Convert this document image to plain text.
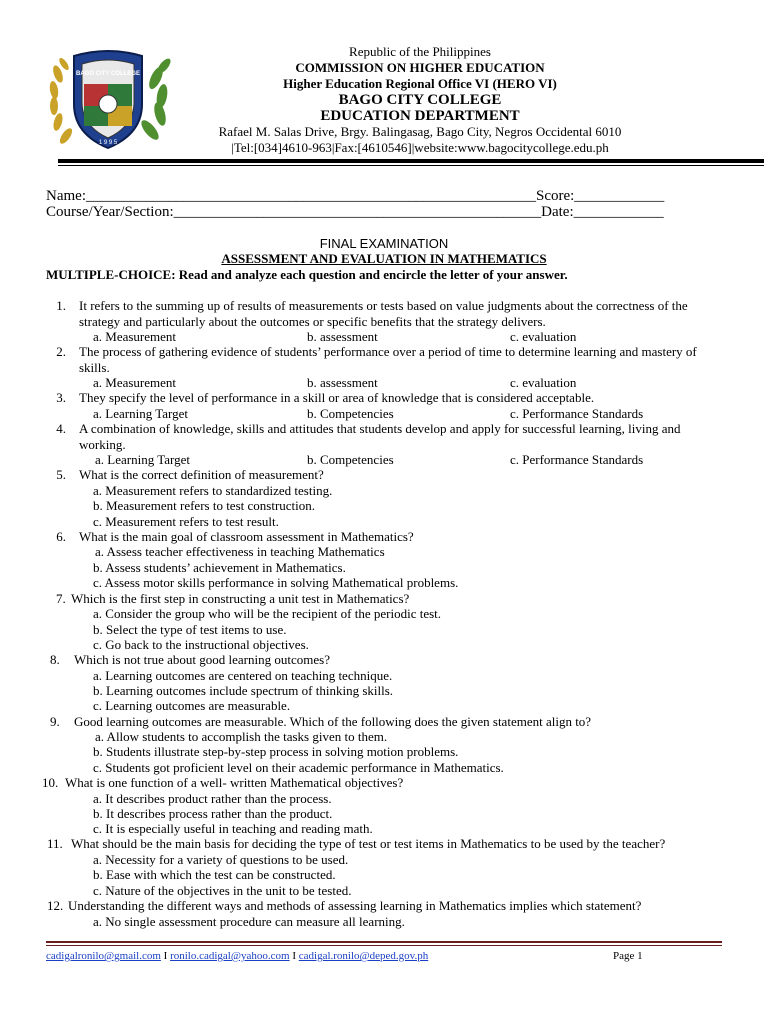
BAGO CITY COLLEGE
1 9 9 5
Republic of the Philippines
COMMISSION ON HIGHER EDUCATION
Higher Education Regional Office VI (HERO VI)
BAGO CITY COLLEGE
EDUCATION DEPARTMENT
Rafael M. Salas Drive, Brgy. Balingasag, Bago City, Negros Occidental 6010
|Tel:[034]4610-963|Fax:[4610546]|website:www.bagocitycollege.edu.ph
Name:____________________________________________________________Score:____________
Course/Year/Section:_________________________________________________Date:____________
FINAL EXAMINATION
ASSESSMENT AND EVALUATION IN MATHEMATICS
MULTIPLE-CHOICE: Read and analyze each question and encircle the letter of your answer.
1. It refers to the summing up of results of measurements or tests based on value judgments about the correctness of the strategy and particularly about the outcomes or specific benefits that the strategy delivers.
a. Measurement	b. assessment	c. evaluation
2. The process of gathering evidence of students’ performance over a period of time to determine learning and mastery of skills.
a. Measurement	b. assessment	c. evaluation
3. They specify the level of performance in a skill or area of knowledge that is considered acceptable.
a. Learning Target	b. Competencies	c. Performance Standards
4. A combination of knowledge, skills and attitudes that students develop and apply for successful learning, living and working.
a. Learning Target	b. Competencies	c. Performance Standards
5. What is the correct definition of measurement?
a. Measurement refers to standardized testing.
b. Measurement refers to test construction.
c. Measurement refers to test result.
6. What is the main goal of classroom assessment in Mathematics?
a. Assess teacher effectiveness in teaching Mathematics
b. Assess students’ achievement in Mathematics.
c. Assess motor skills performance in solving Mathematical problems.
7. Which is the first step in constructing a unit test in Mathematics?
a. Consider the group who will be the recipient of the periodic test.
b. Select the type of test items to use.
c. Go back to the instructional objectives.
8. Which is not true about good learning outcomes?
a. Learning outcomes are centered on teaching technique.
b. Learning outcomes include spectrum of thinking skills.
c. Learning outcomes are measurable.
9. Good learning outcomes are measurable. Which of the following does the given statement align to?
a. Allow students to accomplish the tasks given to them.
b. Students illustrate step-by-step process in solving motion problems.
c. Students got proficient level on their academic performance in Mathematics.
10. What is one function of a well- written Mathematical objectives?
a. It describes product rather than the process.
b. It describes process rather than the product.
c. It is especially useful in teaching and reading math.
11. What should be the main basis for deciding the type of test or test items in Mathematics to be used by the teacher?
a. Necessity for a variety of questions to be used.
b. Ease with which the test can be constructed.
c. Nature of the objectives in the unit to be tested.
12. Understanding the different ways and methods of assessing learning in Mathematics implies which statement?
a. No single assessment procedure can measure all learning.
cadigalronilo@gmail.com I ronilo.cadigal@yahoo.com I cadigal.ronilo@deped.gov.ph	Page 1
